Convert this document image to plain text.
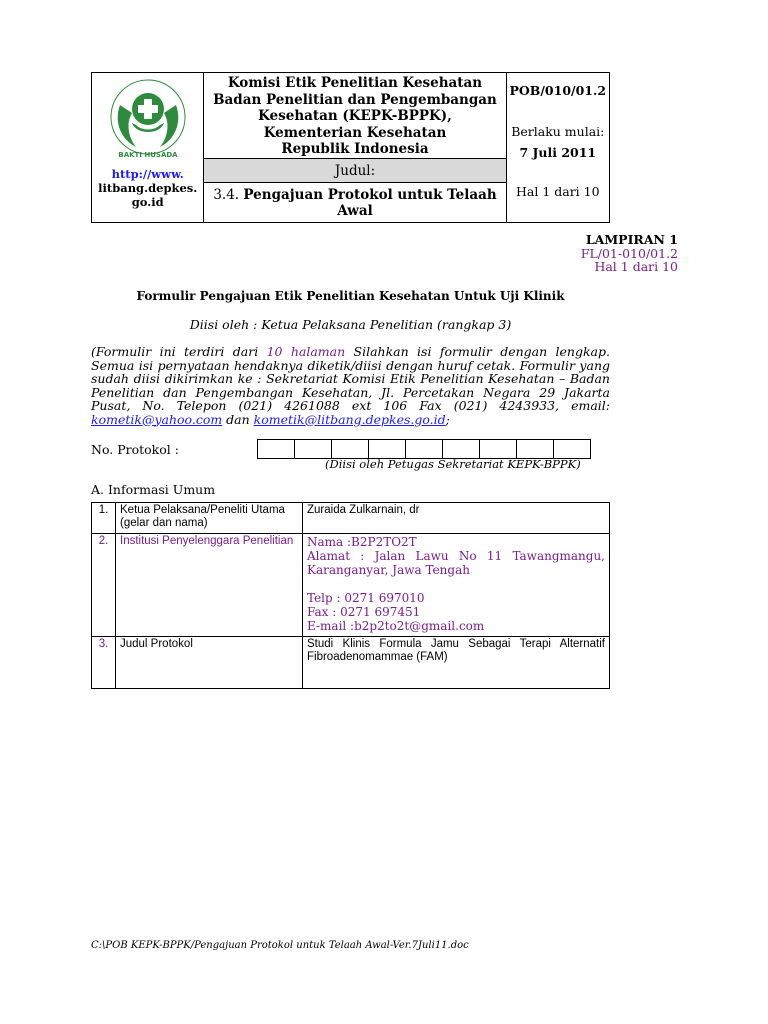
BAKTI HUSADA
http://www.
litbang.depkes.
go.id

Komisi Etik Penelitian Kesehatan
Badan Penelitian dan Pengembangan
Kesehatan (KEPK-BPPK),
Kementerian Kesehatan
Republik Indonesia

POB/010/01.2
Berlaku mulai:
7 Juli 2011
Hal 1 dari 10

Judul:
3.4. Pengajuan Protokol untuk Telaah Awal
LAMPIRAN 1
FL/01-010/01.2
Hal 1 dari 10
Formulir Pengajuan Etik Penelitian Kesehatan Untuk Uji Klinik
Diisi oleh : Ketua Pelaksana Penelitian (rangkap 3)
(Formulir ini terdiri dari 10 halaman Silahkan isi formulir dengan lengkap. Semua isi pernyataan hendaknya diketik/diisi dengan huruf cetak. Formulir yang sudah diisi dikirimkan ke : Sekretariat Komisi Etik Penelitian Kesehatan – Badan Penelitian dan Pengembangan Kesehatan, Jl. Percetakan Negara 29 Jakarta Pusat, No. Telepon (021) 4261088 ext 106 Fax (021) 4243933, email: kometik@yahoo.com dan kometik@litbang.depkes.go.id;
No. Protokol :
(Diisi oleh Petugas Sekretariat KEPK-BPPK)
A. Informasi Umum
1.	Ketua Pelaksana/Peneliti Utama (gelar dan nama)	Zuraida Zulkarnain, dr
2.	Institusi Penyelenggara Penelitian	Nama :B2P2TO2T
Alamat : Jalan Lawu No 11 Tawangmangu, Karanganyar, Jawa Tengah
Telp : 0271 697010
Fax : 0271 697451
E-mail :b2p2to2t@gmail.com

3.	Judul Protokol	Studi Klinis Formula Jamu Sebagai Terapi Alternatif Fibroadenomammae (FAM)
C:\POB KEPK-BPPK/Pengajuan Protokol untuk Telaah Awal-Ver.7Juli11.doc
